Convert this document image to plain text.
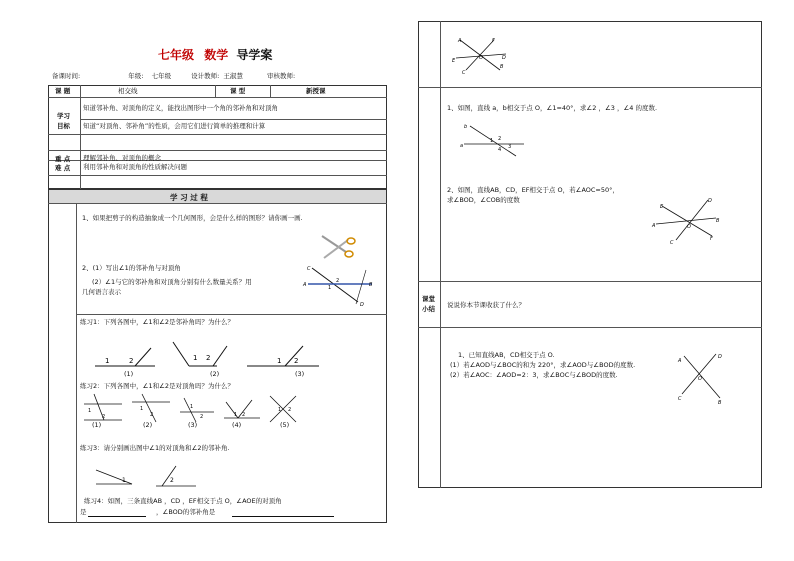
七年级 数学 导学案
备课时间:	年级: 七年级	设计教师: 王淑慧	审核教师:
课 题	相交线	课 型	新授课
学习
目标
知道邻补角、对顶角的定义，能找出图形中一个角的邻补角和对顶角
知道“对顶角、邻补角”的性质，会用它们进行简单的推理和计算
重 点 理解邻补角、对顶角的概念
难 点 利用邻补角和对顶角的性质解决问题
学 习 过 程
1、如果把剪子的构造抽象成一个几何图形，会是什么样的图形？请你画一画.
2、(1）写出∠1的邻补角与对顶角
(2）∠1与它的邻补角和对顶角分别有什么数量关系？用
几何语言表示
C
A	B
D
2
1
练习1：下列各图中，∠1和∠2是邻补角吗？为什么？
1	2	1 2	1 2
(1)	(2)	(3)
练习2：下列各图中，∠1和∠2是对顶角吗？为什么？
1
2
1
2
1
2	1 2
1 2
(1)	(2)	(3)	(4)	(5)
练习3：请分别画出图中∠1的对顶角和∠2的邻补角.
1	2
练习4：如图，三条直线AB ，CD ，EF相交于点 O，∠AOE的对顶角
是	，∠BOD的邻补角是
A	F
E	O	D
C
B
1、如图，直线 a，b相交于点 O，∠1=40°，求∠2 ，∠3 ，∠4 的度数.
b
a
2
1
3
4
2、如图，直线AB，CD，EF相交于点 O，若∠AOC=50°，
求∠BOD，∠COB的度数
E
D
A	O
B
C
F
课堂
小结 说说你本节课收获了什么？
1、已知直线AB，CD相交于点 O.
(1）若∠AOD与∠BOC的和为 220°，求∠AOD与∠BOD的度数.
(2）若∠AOC：∠AOD=2：3，求∠BOC与∠BOD的度数.
A
D
O
C
B
